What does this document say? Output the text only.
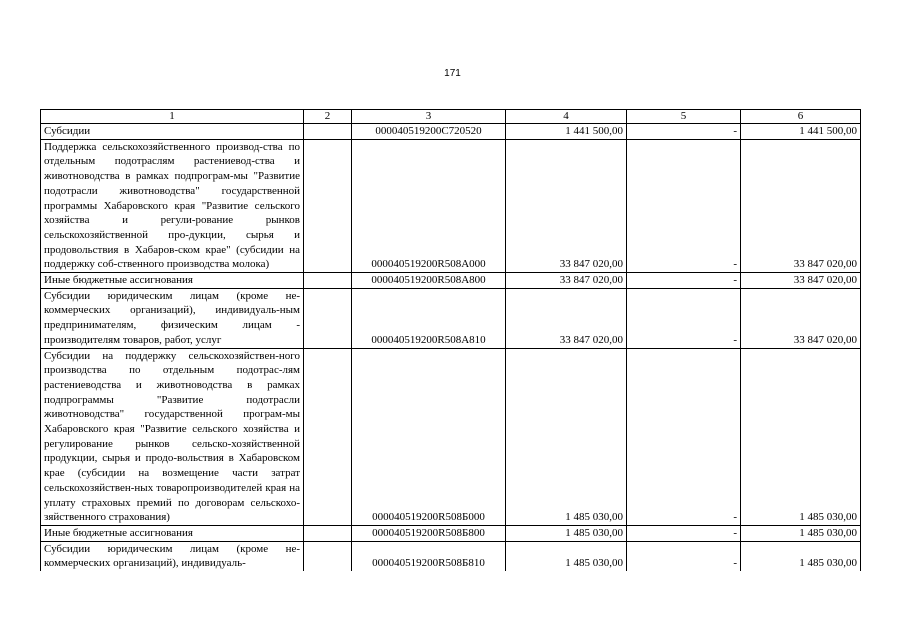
171
1	2	3	4	5	6
Субсидии		000040519200С720520	1 441 500,00	-	1 441 500,00
Поддержка сельскохозяйственного производ-ства по отдельным подотраслям растениевод-ства и животноводства в рамках подпрограм-мы "Развитие подотрасли животноводства" государственной программы Хабаровского края "Развитие сельского хозяйства и регули-рование рынков сельскохозяйственной про-дукции, сырья и продовольствия в Хабаров-ском крае" (субсидии на поддержку соб-ственного производства молока)		000040519200R508А000	33 847 020,00	-	33 847 020,00
Иные бюджетные ассигнования		000040519200R508А800	33 847 020,00	-	33 847 020,00
Субсидии юридическим лицам (кроме не-коммерческих организаций), индивидуаль-ным предпринимателям, физическим лицам - производителям товаров, работ, услуг		000040519200R508А810	33 847 020,00	-	33 847 020,00
Субсидии на поддержку сельскохозяйствен-ного производства по отдельным подотрас-лям растениеводства и животноводства в рамках подпрограммы "Развитие подотрасли животноводства" государственной програм-мы Хабаровского края "Развитие сельского хозяйства и регулирование рынков сельско-хозяйственной продукции, сырья и продо-вольствия в Хабаровском крае (субсидии на возмещение части затрат сельскохозяйствен-ных товаропроизводителей края на уплату страховых премий по договорам сельскохо-зяйственного страхования)		000040519200R508Б000	1 485 030,00	-	1 485 030,00
Иные бюджетные ассигнования		000040519200R508Б800	1 485 030,00	-	1 485 030,00
Субсидии юридическим лицам (кроме не-коммерческих организаций), индивидуаль-		000040519200R508Б810	1 485 030,00	-	1 485 030,00
